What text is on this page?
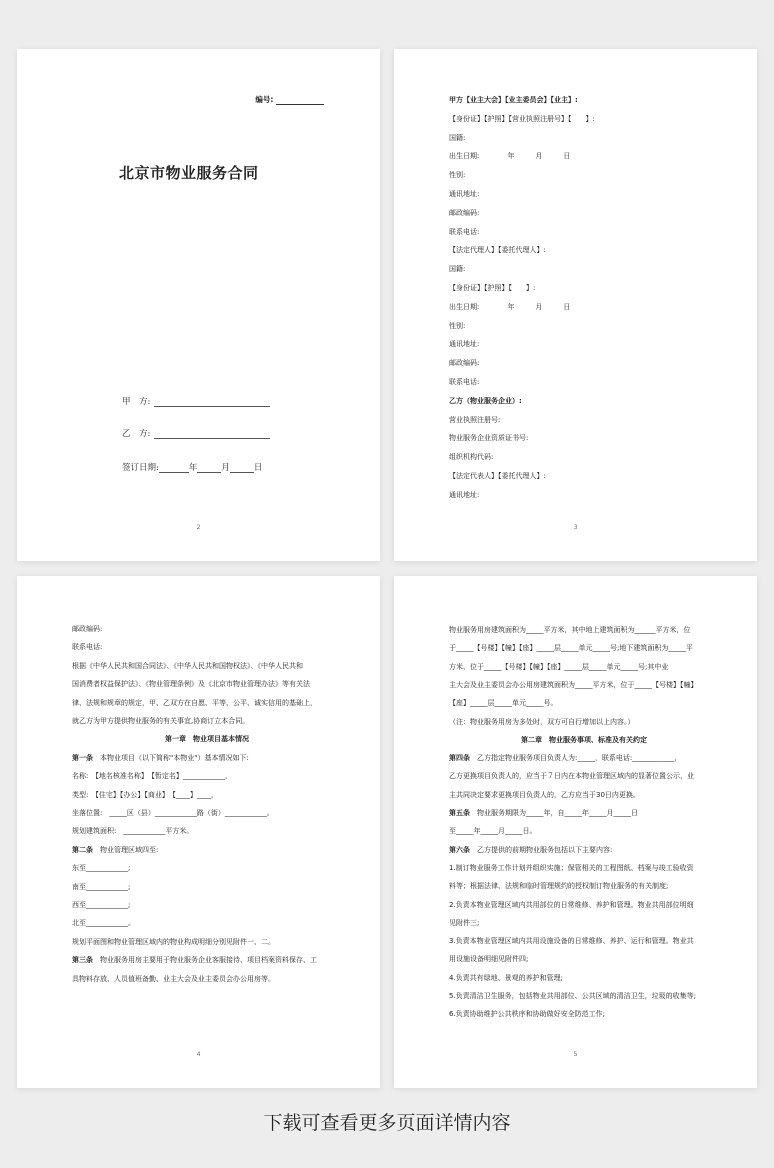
编号:
北京市物业服务合同
甲　方:
乙　方:
签订日期:	年	月	日
2
甲方【业主大会】【业主委员会】【业主】:
【身份证】【护照】【营业执照注册号】【　　】:
国籍:
出生日期:　　　　年　　　月　　　日
性别:
通讯地址:
邮政编码:
联系电话:
【法定代理人】【委托代理人】:
国籍:
【身份证】【护照】【　　】:
出生日期:　　　　年　　　月　　　日
性别:
通讯地址:
邮政编码:
联系电话:
乙方（物业服务企业）:
营业执照注册号:
物业服务企业资质证书号:
组织机构代码:
【法定代表人】【委托代理人】:
通讯地址:
3
邮政编码:
联系电话:
根据《中华人民共和国合同法》、《中华人民共和国物权法》、《中华人民共和
国消费者权益保护法》、《物业管理条例》及《北京市物业管理办法》等有关法
律、法规和规章的规定，甲、乙双方在自愿、平等、公平、诚实信用的基础上，
就乙方为甲方提供物业服务的有关事宜,协商订立本合同。
第一章　物业项目基本情况
第一条　本物业项目（以下简称"本物业"）基本情况如下:
名称:　【地名核准名称】　【暂定名】____________，
类型:　【住宅】【办公】【商业】　【____】____，
坐落位置:　_____区（县）____________路（街）____________。
规划建筑面积:　____________平方米。
第二条　物业管理区域四至:
东至____________;
南至____________;
西至____________;
北至____________。
规划平面图和物业管理区域内的物业构成明细分别见附件一、二。
第三条　物业服务用房主要用于物业服务企业客服接待、项目档案资料保存、工
具物料存放、人员值班备勤、业主大会及业主委员会办公用房等。
4
物业服务用房建筑面积为_____平方米，其中地上建筑面积为______平方米，位
于_____【号楼】【幢】【座】_____层_____单元_____号;地下建筑面积为_____平
方米，位于_____【号楼】【幢】【座】_____层_____单元_____号;其中业
主大会及业主委员会办公用房建筑面积为_____平方米，位于_____【号楼】【幢】
【座】_____层_____单元_____号。
（注：物业服务用房为多处时，双方可自行增加以上内容。）
第二章　物业服务事项、标准及有关约定
第四条　乙方指定物业服务项目负责人为:_____，联系电话:____________，
乙方更换项目负责人的，应当于７日内在本物业管理区域内的显著位置公示，业
主共同决定要求更换项目负责人的，乙方应当于30日内更换。
第五条　物业服务期限为_____年，自_____年_____月_____日
至_____年_____月_____日。
第六条　乙方提供的前期物业服务包括以下主要内容:
1.制订物业服务工作计划并组织实施；保管相关的工程图纸、档案与竣工验收资
料等；根据法律、法规和临时管理规约的授权制订物业服务的有关制度;
2.负责本物业管理区域内共用部位的日常维修、养护和管理。物业共用部位明细
见附件三;
3.负责本物业管理区域内共用设施设备的日常维修、养护、运行和管理。物业共
用设施设备明细见附件四;
4.负责共有绿地、景观的养护和管理;
5.负责清洁卫生服务，包括物业共用部位、公共区域的清洁卫生，垃圾的收集等;
6.负责协助维护公共秩序和协助做好安全防范工作;
5
下载可查看更多页面详情内容
